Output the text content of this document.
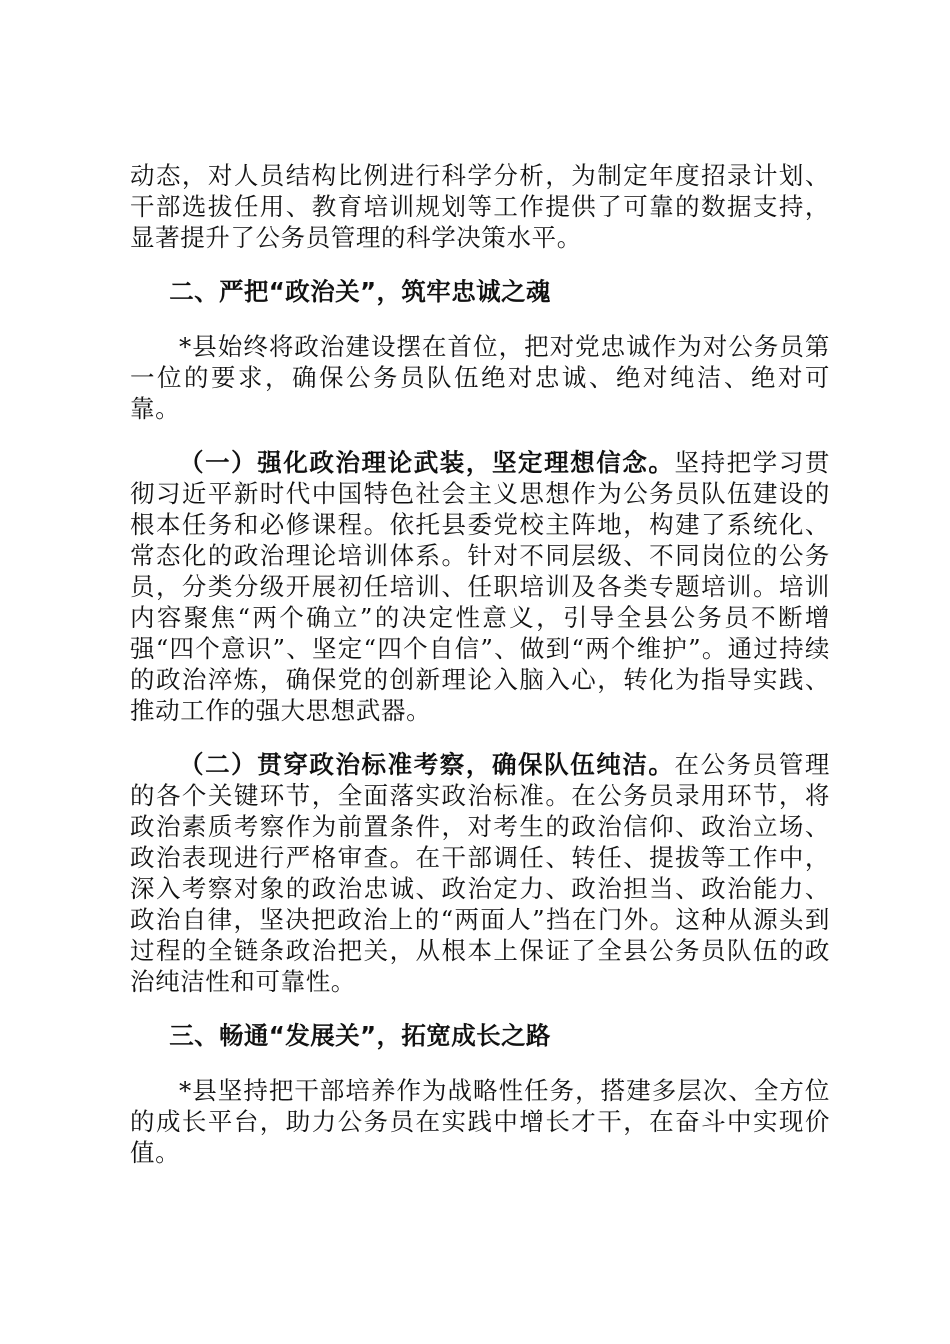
动态，对人员结构比例进行科学分析，为制定年度招录计划、干部选拔任用、教育培训规划等工作提供了可靠的数据支持，显著提升了公务员管理的科学决策水平。

二、严把“政治关”，筑牢忠诚之魂

*县始终将政治建设摆在首位，把对党忠诚作为对公务员第一位的要求，确保公务员队伍绝对忠诚、绝对纯洁、绝对可靠。

（一）强化政治理论武装，坚定理想信念。坚持把学习贯彻习近平新时代中国特色社会主义思想作为公务员队伍建设的根本任务和必修课程。依托县委党校主阵地，构建了系统化、常态化的政治理论培训体系。针对不同层级、不同岗位的公务员，分类分级开展初任培训、任职培训及各类专题培训。培训内容聚焦“两个确立”的决定性意义，引导全县公务员不断增强“四个意识”、坚定“四个自信”、做到“两个维护”。通过持续的政治淬炼，确保党的创新理论入脑入心，转化为指导实践、推动工作的强大思想武器。

（二）贯穿政治标准考察，确保队伍纯洁。在公务员管理的各个关键环节，全面落实政治标准。在公务员录用环节，将政治素质考察作为前置条件，对考生的政治信仰、政治立场、政治表现进行严格审查。在干部调任、转任、提拔等工作中，深入考察对象的政治忠诚、政治定力、政治担当、政治能力、政治自律，坚决把政治上的“两面人”挡在门外。这种从源头到过程的全链条政治把关，从根本上保证了全县公务员队伍的政治纯洁性和可靠性。

三、畅通“发展关”，拓宽成长之路

*县坚持把干部培养作为战略性任务，搭建多层次、全方位的成长平台，助力公务员在实践中增长才干，在奋斗中实现价值。
